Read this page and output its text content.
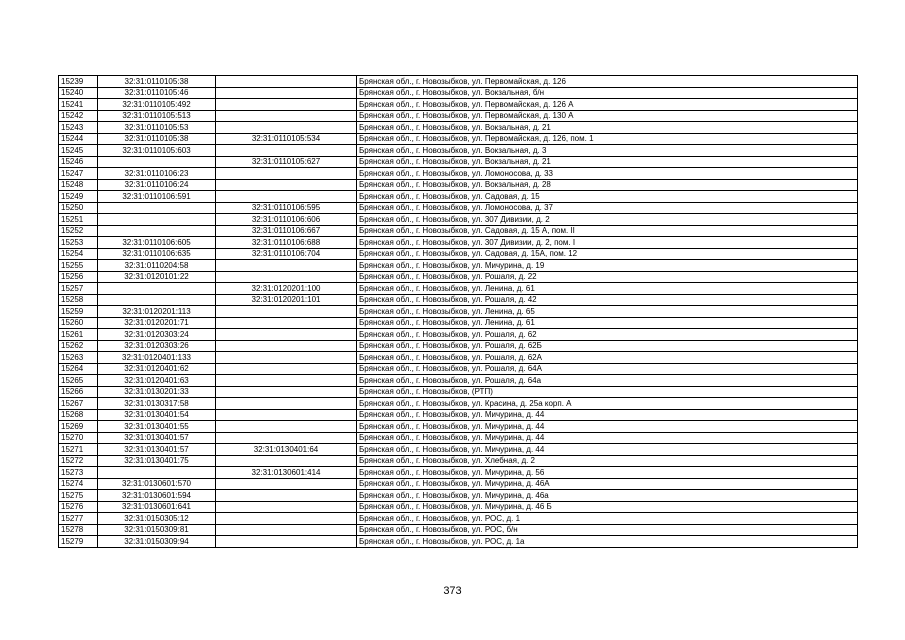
15239	32:31:0110105:38		Брянская обл., г. Новозыбков, ул. Первомайская, д. 126
15240	32:31:0110105:46		Брянская обл., г. Новозыбков, ул. Вокзальная, б/н
15241	32:31:0110105:492		Брянская обл., г. Новозыбков, ул. Первомайская, д. 126 А
15242	32:31:0110105:513		Брянская обл., г. Новозыбков, ул. Первомайская, д. 130 А
15243	32:31:0110105:53		Брянская обл., г. Новозыбков, ул. Вокзальная, д. 21
15244	32:31:0110105:38	32:31:0110105:534	Брянская обл., г. Новозыбков, ул. Первомайская, д. 126, пом. 1
15245	32:31:0110105:603		Брянская обл., г. Новозыбков, ул. Вокзальная, д. 3
15246		32:31:0110105:627	Брянская обл., г. Новозыбков, ул. Вокзальная, д. 21
15247	32:31:0110106:23		Брянская обл., г. Новозыбков, ул. Ломоносова, д. 33
15248	32:31:0110106:24		Брянская обл., г. Новозыбков, ул. Вокзальная, д. 28
15249	32:31:0110106:591		Брянская обл., г. Новозыбков, ул. Садовая, д. 15
15250		32:31:0110106:595	Брянская обл., г. Новозыбков, ул. Ломоносова, д. 37
15251		32:31:0110106:606	Брянская обл., г. Новозыбков, ул. 307 Дивизии, д. 2
15252		32:31:0110106:667	Брянская обл., г. Новозыбков, ул. Садовая, д. 15 А, пом. II
15253	32:31:0110106:605	32:31:0110106:688	Брянская обл., г. Новозыбков, ул. 307 Дивизии, д. 2, пом. I
15254	32:31:0110106:635	32:31:0110106:704	Брянская обл., г. Новозыбков, ул. Садовая, д. 15А, пом. 12
15255	32:31:0110204:58		Брянская обл., г. Новозыбков, ул. Мичурина, д. 19
15256	32:31:0120101:22		Брянская обл., г. Новозыбков, ул. Рошаля, д. 22
15257		32:31:0120201:100	Брянская обл., г. Новозыбков, ул. Ленина, д. 61
15258		32:31:0120201:101	Брянская обл., г. Новозыбков, ул. Рошаля, д. 42
15259	32:31:0120201:113		Брянская обл., г. Новозыбков, ул. Ленина, д. 65
15260	32:31:0120201:71		Брянская обл., г. Новозыбков, ул. Ленина, д. 61
15261	32:31:0120303:24		Брянская обл., г. Новозыбков, ул. Рошаля, д. 62
15262	32:31:0120303:26		Брянская обл., г. Новозыбков, ул. Рошаля, д. 62Б
15263	32:31:0120401:133		Брянская обл., г. Новозыбков, ул. Рошаля, д. 62А
15264	32:31:0120401:62		Брянская обл., г. Новозыбков, ул. Рошаля, д. 64А
15265	32:31:0120401:63		Брянская обл., г. Новозыбков, ул. Рошаля, д. 64а
15266	32:31:0130201:33		Брянская обл., г. Новозыбков, (РТП)
15267	32:31:0130317:58		Брянская обл., г. Новозыбков, ул. Красина, д. 25а корп. А
15268	32:31:0130401:54		Брянская обл., г. Новозыбков, ул. Мичурина, д. 44
15269	32:31:0130401:55		Брянская обл., г. Новозыбков, ул. Мичурина, д. 44
15270	32:31:0130401:57		Брянская обл., г. Новозыбков, ул. Мичурина, д. 44
15271	32:31:0130401:57	32:31:0130401:64	Брянская обл., г. Новозыбков, ул. Мичурина, д. 44
15272	32:31:0130401:75		Брянская обл., г. Новозыбков, ул. Хлебная, д. 2
15273		32:31:0130601:414	Брянская обл., г. Новозыбков, ул. Мичурина, д. 56
15274	32:31:0130601:570		Брянская обл., г. Новозыбков, ул. Мичурина, д. 46А
15275	32:31:0130601:594		Брянская обл., г. Новозыбков, ул. Мичурина, д. 46а
15276	32:31:0130601:641		Брянская обл., г. Новозыбков, ул. Мичурина, д. 46 Б
15277	32:31:0150305:12		Брянская обл., г. Новозыбков, ул. РОС, д. 1
15278	32:31:0150309:81		Брянская обл., г. Новозыбков, ул. РОС, б/н
15279	32:31:0150309:94		Брянская обл., г. Новозыбков, ул. РОС, д. 1а
373
